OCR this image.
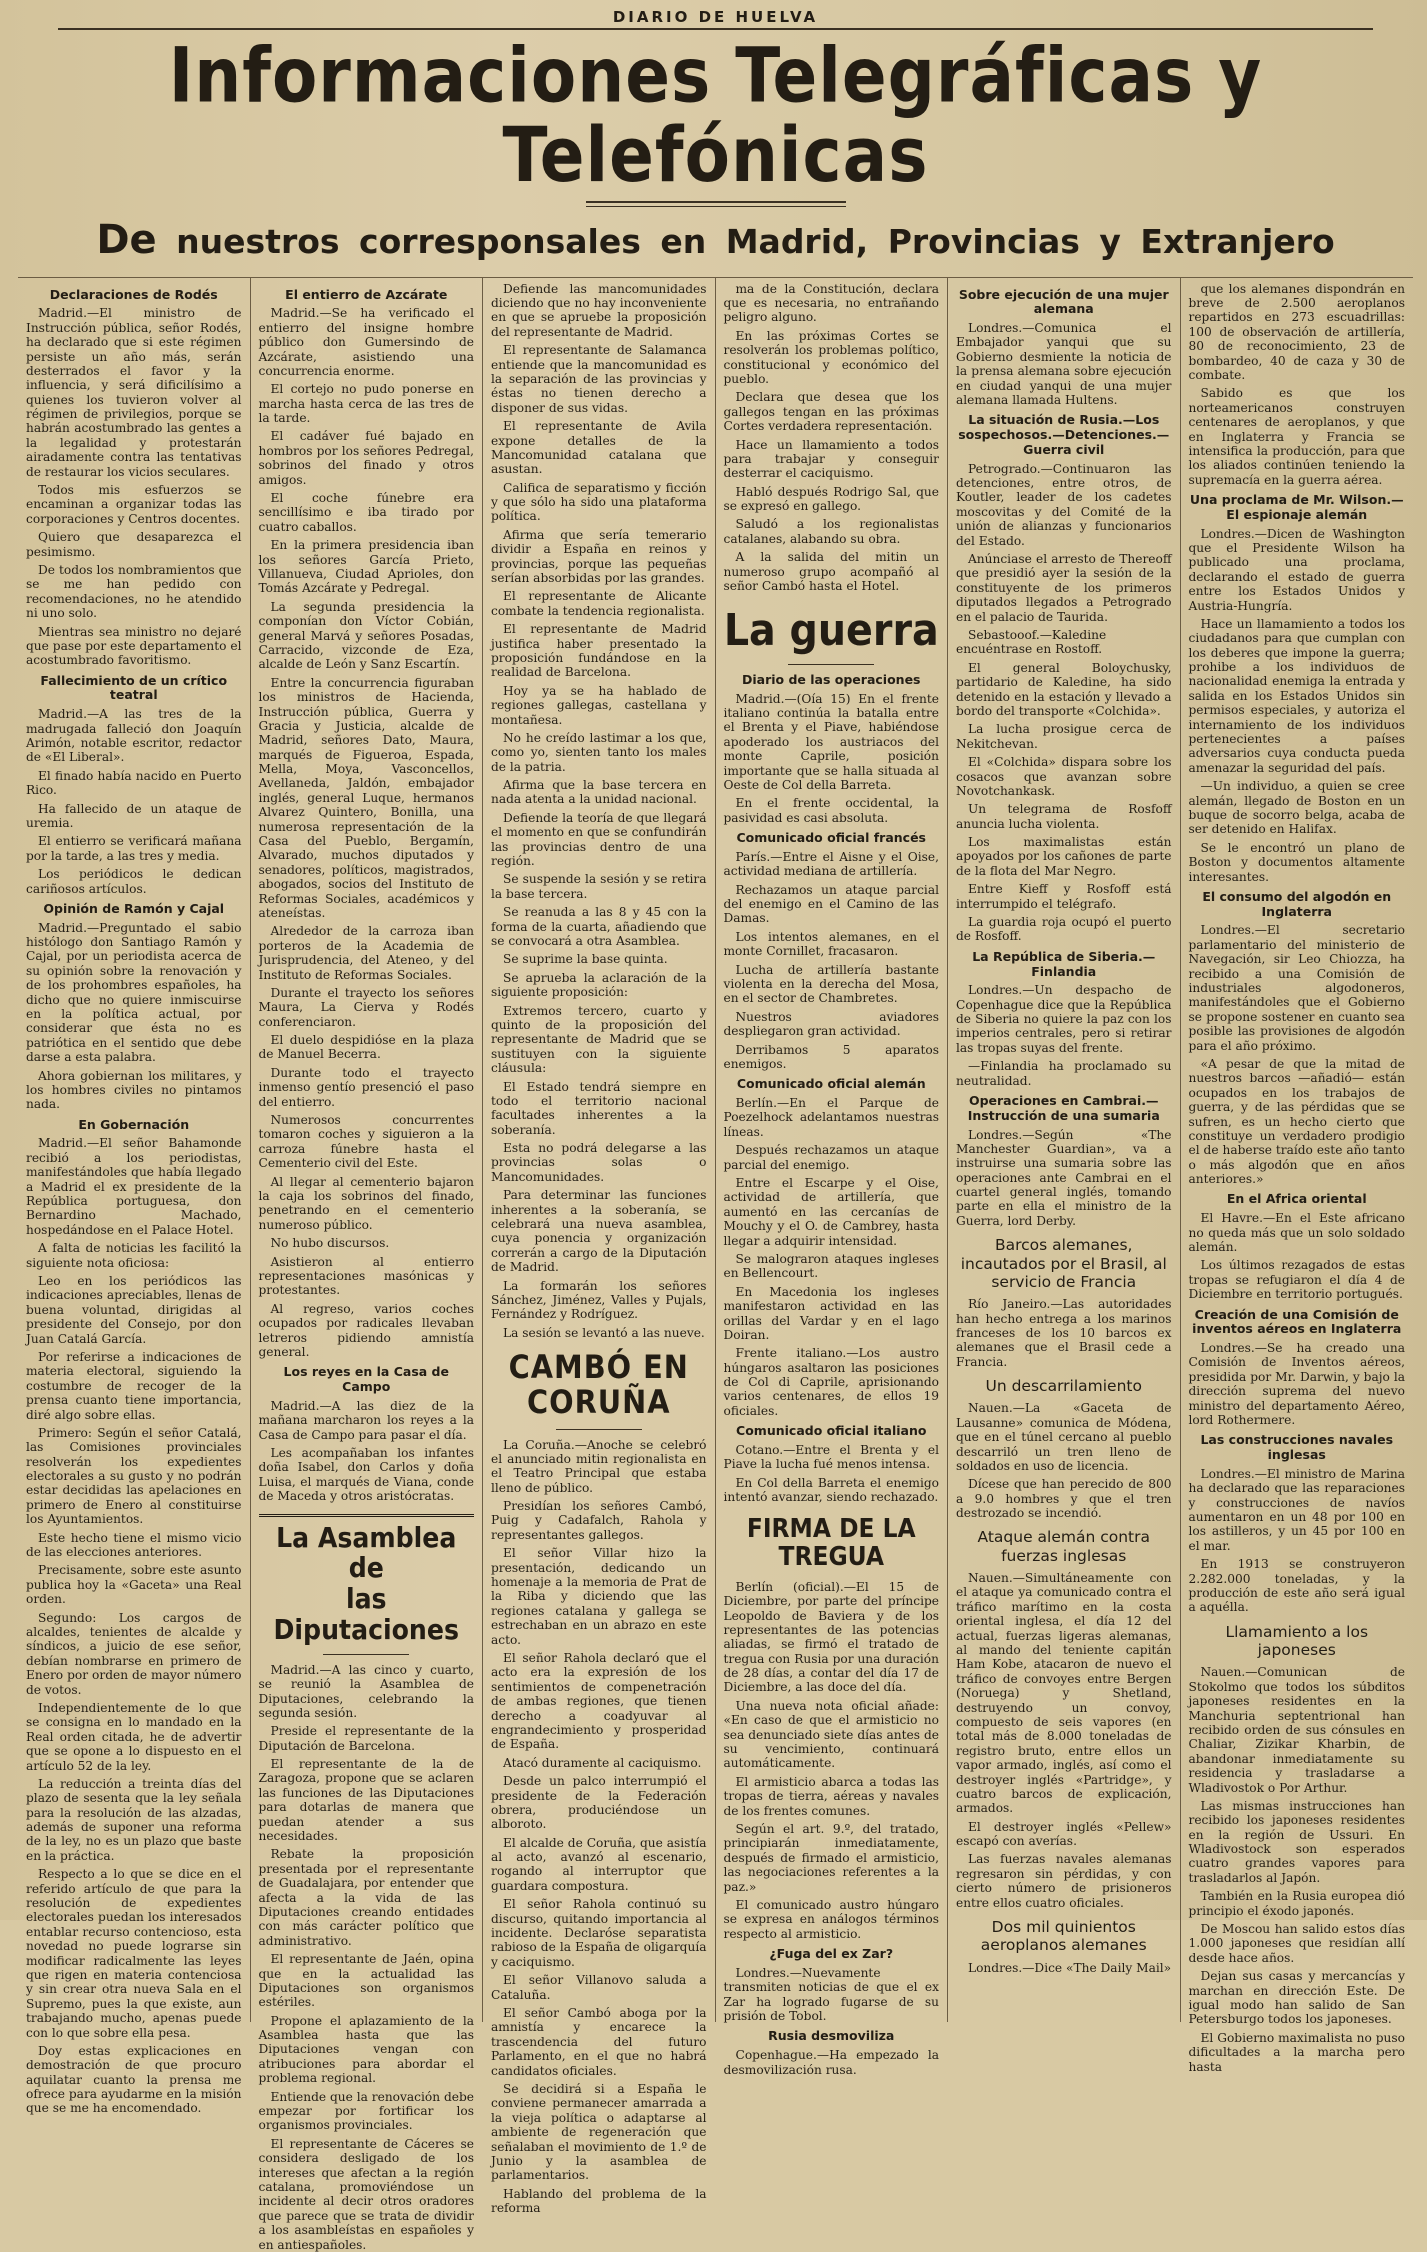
DIARIO DE HUELVA
Informaciones Telegráficas y Telefónicas
De nuestros corresponsales en Madrid, Provincias y Extranjero
Declaraciones de Rodés

Madrid.—El ministro de Instrucción pública, señor Rodés, ha declarado que si este régimen persiste un año más, serán desterrados el favor y la influencia, y será dificilísimo a quienes los tuvieron volver al régimen de privilegios, porque se habrán acostumbrado las gentes a la legalidad y protestarán airadamente contra las tentativas de restaurar los vicios seculares.

Todos mis esfuerzos se encaminan a organizar todas las corporaciones y Centros docentes.

Quiero que desaparezca el pesimismo.

De todos los nombramientos que se me han pedido con recomendaciones, no he atendido ni uno solo.

Mientras sea ministro no dejaré que pase por este departamento el acostumbrado favoritismo.

Fallecimiento de un crítico teatral

Madrid.—A las tres de la madrugada falleció don Joaquín Arimón, notable escritor, redactor de «El Liberal».

El finado había nacido en Puerto Rico.

Ha fallecido de un ataque de uremia.

El entierro se verificará mañana por la tarde, a las tres y media.

Los periódicos le dedican cariñosos artículos.

Opinión de Ramón y Cajal

Madrid.—Preguntado el sabio histólogo don Santiago Ramón y Cajal, por un periodista acerca de su opinión sobre la renovación y de los prohombres españoles, ha dicho que no quiere inmiscuirse en la política actual, por considerar que ésta no es patriótica en el sentido que debe darse a esta palabra.

Ahora gobiernan los militares, y los hombres civiles no pintamos nada.

En Gobernación

Madrid.—El señor Bahamonde recibió a los periodistas, manifestándoles que había llegado a Madrid el ex presidente de la República portuguesa, don Bernardino Machado, hospedándose en el Palace Hotel.

A falta de noticias les facilitó la siguiente nota oficiosa:

Leo en los periódicos las indicaciones apreciables, llenas de buena voluntad, dirigidas al presidente del Consejo, por don Juan Catalá García.

Por referirse a indicaciones de materia electoral, siguiendo la costumbre de recoger de la prensa cuanto tiene importancia, diré algo sobre ellas.

Primero: Según el señor Catalá, las Comisiones provinciales resolverán los expedientes electorales a su gusto y no podrán estar decididas las apelaciones en primero de Enero al constituirse los Ayuntamientos.

Este hecho tiene el mismo vicio de las elecciones anteriores.

Precisamente, sobre este asunto publica hoy la «Gaceta» una Real orden.

Segundo: Los cargos de alcaldes, tenientes de alcalde y síndicos, a juicio de ese señor, debían nombrarse en primero de Enero por orden de mayor número de votos.

Independientemente de lo que se consigna en lo mandado en la Real orden citada, he de advertir que se opone a lo dispuesto en el artículo 52 de la ley.

La reducción a treinta días del plazo de sesenta que la ley señala para la resolución de las alzadas, además de suponer una reforma de la ley, no es un plazo que baste en la práctica.

Respecto a lo que se dice en el referido artículo de que para la resolución de expedientes electorales puedan los interesados entablar recurso contencioso, esta novedad no puede lograrse sin modificar radicalmente las leyes que rigen en materia contenciosa y sin crear otra nueva Sala en el Supremo, pues la que existe, aun trabajando mucho, apenas puede con lo que sobre ella pesa.

Doy estas explicaciones en demostración de que procuro aquilatar cuanto la prensa me ofrece para ayudarme en la misión que se me ha encomendado.

El entierro de Azcárate

Madrid.—Se ha verificado el entierro del insigne hombre público don Gumersindo de Azcárate, asistiendo una concurrencia enorme.

El cortejo no pudo ponerse en marcha hasta cerca de las tres de la tarde.

El cadáver fué bajado en hombros por los señores Pedregal, sobrinos del finado y otros amigos.

El coche fúnebre era sencillísimo e iba tirado por cuatro caballos.

En la primera presidencia iban los señores García Prieto, Villanueva, Ciudad Aprioles, don Tomás Azcárate y Pedregal.

La segunda presidencia la componían don Víctor Cobián, general Marvá y señores Posadas, Carracido, vizconde de Eza, alcalde de León y Sanz Escartín.

Entre la concurrencia figuraban los ministros de Hacienda, Instrucción pública, Guerra y Gracia y Justicia, alcalde de Madrid, señores Dato, Maura, marqués de Figueroa, Espada, Mella, Moya, Vasconcellos, Avellaneda, Jaldón, embajador inglés, general Luque, hermanos Alvarez Quintero, Bonilla, una numerosa representación de la Casa del Pueblo, Bergamín, Alvarado, muchos diputados y senadores, políticos, magistrados, abogados, socios del Instituto de Reformas Sociales, académicos y ateneístas.

Alrededor de la carroza iban porteros de la Academia de Jurisprudencia, del Ateneo, y del Instituto de Reformas Sociales.

Durante el trayecto los señores Maura, La Cierva y Rodés conferenciaron.

El duelo despidióse en la plaza de Manuel Becerra.

Durante todo el trayecto inmenso gentío presenció el paso del entierro.

Numerosos concurrentes tomaron coches y siguieron a la carroza fúnebre hasta el Cementerio civil del Este.

Al llegar al cementerio bajaron la caja los sobrinos del finado, penetrando en el cementerio numeroso público.

No hubo discursos.

Asistieron al entierro representaciones masónicas y protestantes.

Al regreso, varios coches ocupados por radicales llevaban letreros pidiendo amnistía general.

Los reyes en la Casa de Campo

Madrid.—A las diez de la mañana marcharon los reyes a la Casa de Campo para pasar el día.

Les acompañaban los infantes doña Isabel, don Carlos y doña Luisa, el marqués de Viana, conde de Maceda y otros aristócratas.

La Asamblea de
las Diputaciones

Madrid.—A las cinco y cuarto, se reunió la Asamblea de Diputaciones, celebrando la segunda sesión.

Preside el representante de la Diputación de Barcelona.

El representante de la de Zaragoza, propone que se aclaren las funciones de las Diputaciones para dotarlas de manera que puedan atender a sus necesidades.

Rebate la proposición presentada por el representante de Guadalajara, por entender que afecta a la vida de las Diputaciones creando entidades con más carácter político que administrativo.

El representante de Jaén, opina que en la actualidad las Diputaciones son organismos estériles.

Propone el aplazamiento de la Asamblea hasta que las Diputaciones vengan con atribuciones para abordar el problema regional.

Entiende que la renovación debe empezar por fortificar los organismos provinciales.

El representante de Cáceres se considera desligado de los intereses que afectan a la región catalana, promoviéndose un incidente al decir otros oradores que parece que se trata de dividir a los asambleístas en españoles y en antiespañoles.

Defiende las mancomunidades diciendo que no hay inconveniente en que se apruebe la proposición del representante de Madrid.

El representante de Salamanca entiende que la mancomunidad es la separación de las provincias y éstas no tienen derecho a disponer de sus vidas.

El representante de Avila expone detalles de la Mancomunidad catalana que asustan.

Califica de separatismo y ficción y que sólo ha sido una plataforma política.

Afirma que sería temerario dividir a España en reinos y provincias, porque las pequeñas serían absorbidas por las grandes.

El representante de Alicante combate la tendencia regionalista.

El representante de Madrid justifica haber presentado la proposición fundándose en la realidad de Barcelona.

Hoy ya se ha hablado de regiones gallegas, castellana y montañesa.

No he creído lastimar a los que, como yo, sienten tanto los males de la patria.

Afirma que la base tercera en nada atenta a la unidad nacional.

Defiende la teoría de que llegará el momento en que se confundirán las provincias dentro de una región.

Se suspende la sesión y se retira la base tercera.

Se reanuda a las 8 y 45 con la forma de la cuarta, añadiendo que se convocará a otra Asamblea.

Se suprime la base quinta.

Se aprueba la aclaración de la siguiente proposición:

Extremos tercero, cuarto y quinto de la proposición del representante de Madrid que se sustituyen con la siguiente cláusula:

El Estado tendrá siempre en todo el territorio nacional facultades inherentes a la soberanía.

Esta no podrá delegarse a las provincias solas o Mancomunidades.

Para determinar las funciones inherentes a la soberanía, se celebrará una nueva asamblea, cuya ponencia y organización correrán a cargo de la Diputación de Madrid.

La formarán los señores Sánchez, Jiménez, Valles y Pujals, Fernández y Rodríguez.

La sesión se levantó a las nueve.

CAMBÓ EN CORUÑA

La Coruña.—Anoche se celebró el anunciado mitin regionalista en el Teatro Principal que estaba lleno de público.

Presidían los señores Cambó, Puig y Cadafalch, Rahola y representantes gallegos.

El señor Villar hizo la presentación, dedicando un homenaje a la memoria de Prat de la Riba y diciendo que las regiones catalana y gallega se estrechaban en un abrazo en este acto.

El señor Rahola declaró que el acto era la expresión de los sentimientos de compenetración de ambas regiones, que tienen derecho a coadyuvar al engrandecimiento y prosperidad de España.

Atacó duramente al caciquismo.

Desde un palco interrumpió el presidente de la Federación obrera, produciéndose un alboroto.

El alcalde de Coruña, que asistía al acto, avanzó al escenario, rogando al interruptor que guardara compostura.

El señor Rahola continuó su discurso, quitando importancia al incidente. Declaróse separatista rabioso de la España de oligarquía y caciquismo.

El señor Villanovo saluda a Cataluña.

El señor Cambó aboga por la amnistía y encarece la trascendencia del futuro Parlamento, en el que no habrá candidatos oficiales.

Se decidirá si a España le conviene permanecer amarrada a la vieja política o adaptarse al ambiente de regeneración que señalaban el movimiento de 1.º de Junio y la asamblea de parlamentarios.

Hablando del problema de la reforma

ma de la Constitución, declara que es necesaria, no entrañando peligro alguno.

En las próximas Cortes se resolverán los problemas político, constitucional y económico del pueblo.

Declara que desea que los gallegos tengan en las próximas Cortes verdadera representación.

Hace un llamamiento a todos para trabajar y conseguir desterrar el caciquismo.

Habló después Rodrigo Sal, que se expresó en gallego.

Saludó a los regionalistas catalanes, alabando su obra.

A la salida del mitin un numeroso grupo acompañó al señor Cambó hasta el Hotel.

La guerra
Diario de las operaciones

Madrid.—(Oía 15) En el frente italiano continúa la batalla entre el Brenta y el Piave, habiéndose apoderado los austriacos del monte Caprile, posición importante que se halla situada al Oeste de Col della Barreta.

En el frente occidental, la pasividad es casi absoluta.

Comunicado oficial francés

París.—Entre el Aisne y el Oise, actividad mediana de artillería.

Rechazamos un ataque parcial del enemigo en el Camino de las Damas.

Los intentos alemanes, en el monte Cornillet, fracasaron.

Lucha de artillería bastante violenta en la derecha del Mosa, en el sector de Chambretes.

Nuestros aviadores despliegaron gran actividad.

Derribamos 5 aparatos enemigos.

Comunicado oficial alemán

Berlín.—En el Parque de Poezelhock adelantamos nuestras líneas.

Después rechazamos un ataque parcial del enemigo.

Entre el Escarpe y el Oise, actividad de artillería, que aumentó en las cercanías de Mouchy y el O. de Cambrey, hasta llegar a adquirir intensidad.

Se malograron ataques ingleses en Bellencourt.

En Macedonia los ingleses manifestaron actividad en las orillas del Vardar y en el lago Doiran.

Frente italiano.—Los austro húngaros asaltaron las posiciones de Col di Caprile, aprisionando varios centenares, de ellos 19 oficiales.

Comunicado oficial italiano

Cotano.—Entre el Brenta y el Piave la lucha fué menos intensa.

En Col della Barreta el enemigo intentó avanzar, siendo rechazado.

FIRMA DE LA TREGUA

Berlín (oficial).—El 15 de Diciembre, por parte del príncipe Leopoldo de Baviera y de los representantes de las potencias aliadas, se firmó el tratado de tregua con Rusia por una duración de 28 días, a contar del día 17 de Diciembre, a las doce del día.

Una nueva nota oficial añade: «En caso de que el armisticio no sea denunciado siete días antes de su vencimiento, continuará automáticamente.

El armisticio abarca a todas las tropas de tierra, aéreas y navales de los frentes comunes.

Según el art. 9.º, del tratado, principiarán inmediatamente, después de firmado el armisticio, las negociaciones referentes a la paz.»

El comunicado austro húngaro se expresa en análogos términos respecto al armisticio.

¿Fuga del ex Zar?

Londres.—Nuevamente transmiten noticias de que el ex Zar ha logrado fugarse de su prisión de Tobol.

Rusia desmoviliza

Copenhague.—Ha empezado la desmovilización rusa.

Sobre ejecución de una mujer alemana

Londres.—Comunica el Embajador yanqui que su Gobierno desmiente la noticia de la prensa alemana sobre ejecución en ciudad yanqui de una mujer alemana llamada Hultens.

La situación de Rusia.—Los sospechosos.—Detenciones.—Guerra civil

Petrogrado.—Continuaron las detenciones, entre otros, de Koutler, leader de los cadetes moscovitas y del Comité de la unión de alianzas y funcionarios del Estado.

Anúnciase el arresto de Thereoff que presidió ayer la sesión de la constituyente de los primeros diputados llegados a Petrogrado en el palacio de Taurida.

Sebastooof.—Kaledine encuéntrase en Rostoff.

El general Boloychusky, partidario de Kaledine, ha sido detenido en la estación y llevado a bordo del transporte «Colchida».

La lucha prosigue cerca de Nekitchevan.

El «Colchida» dispara sobre los cosacos que avanzan sobre Novotchankask.

Un telegrama de Rosfoff anuncia lucha violenta.

Los maximalistas están apoyados por los cañones de parte de la flota del Mar Negro.

Entre Kieff y Rosfoff está interrumpido el telégrafo.

La guardia roja ocupó el puerto de Rosfoff.

La República de Siberia.—Finlandia

Londres.—Un despacho de Copenhague dice que la República de Siberia no quiere la paz con los imperios centrales, pero si retirar las tropas suyas del frente.

—Finlandia ha proclamado su neutralidad.

Operaciones en Cambrai.—Instrucción de una sumaria

Londres.—Según «The Manchester Guardian», va a instruirse una sumaria sobre las operaciones ante Cambrai en el cuartel general inglés, tomando parte en ella el ministro de la Guerra, lord Derby.

Barcos alemanes, incautados por el Brasil, al servicio de Francia

Río Janeiro.—Las autoridades han hecho entrega a los marinos franceses de los 10 barcos ex alemanes que el Brasil cede a Francia.

Un descarrilamiento

Nauen.—La «Gaceta de Lausanne» comunica de Módena, que en el túnel cercano al pueblo descarriló un tren lleno de soldados en uso de licencia.

Dícese que han perecido de 800 a 9.0 hombres y que el tren destrozado se incendió.

Ataque alemán contra fuerzas inglesas

Nauen.—Simultáneamente con el ataque ya comunicado contra el tráfico marítimo en la costa oriental inglesa, el día 12 del actual, fuerzas ligeras alemanas, al mando del teniente capitán Ham Kobe, atacaron de nuevo el tráfico de convoyes entre Bergen (Noruega) y Shetland, destruyendo un convoy, compuesto de seis vapores (en total más de 8.000 toneladas de registro bruto, entre ellos un vapor armado, inglés, así como el destroyer inglés «Partridge», y cuatro barcos de explicación, armados.

El destroyer inglés «Pellew» escapó con averías.

Las fuerzas navales alemanas regresaron sin pérdidas, y con cierto número de prisioneros entre ellos cuatro oficiales.

Dos mil quinientos aeroplanos alemanes

Londres.—Dice «The Daily Mail»

que los alemanes dispondrán en breve de 2.500 aeroplanos repartidos en 273 escuadrillas: 100 de observación de artillería, 80 de reconocimiento, 23 de bombardeo, 40 de caza y 30 de combate.

Sabido es que los norteamericanos construyen centenares de aeroplanos, y que en Inglaterra y Francia se intensifica la producción, para que los aliados continúen teniendo la supremacía en la guerra aérea.

Una proclama de Mr. Wilson.—El espionaje alemán

Londres.—Dicen de Washington que el Presidente Wilson ha publicado una proclama, declarando el estado de guerra entre los Estados Unidos y Austria-Hungría.

Hace un llamamiento a todos los ciudadanos para que cumplan con los deberes que impone la guerra; prohibe a los individuos de nacionalidad enemiga la entrada y salida en los Estados Unidos sin permisos especiales, y autoriza el internamiento de los individuos pertenecientes a países adversarios cuya conducta pueda amenazar la seguridad del país.

—Un individuo, a quien se cree alemán, llegado de Boston en un buque de socorro belga, acaba de ser detenido en Halifax.

Se le encontró un plano de Boston y documentos altamente interesantes.

El consumo del algodón en Inglaterra

Londres.—El secretario parlamentario del ministerio de Navegación, sir Leo Chiozza, ha recibido a una Comisión de industriales algodoneros, manifestándoles que el Gobierno se propone sostener en cuanto sea posible las provisiones de algodón para el año próximo.

«A pesar de que la mitad de nuestros barcos —añadió— están ocupados en los trabajos de guerra, y de las pérdidas que se sufren, es un hecho cierto que constituye un verdadero prodigio el de haberse traído este año tanto o más algodón que en años anteriores.»

En el Africa oriental

El Havre.—En el Este africano no queda más que un solo soldado alemán.

Los últimos rezagados de estas tropas se refugiaron el día 4 de Diciembre en territorio portugués.

Creación de una Comisión de inventos aéreos en Inglaterra

Londres.—Se ha creado una Comisión de Inventos aéreos, presidida por Mr. Darwin, y bajo la dirección suprema del nuevo ministro del departamento Aéreo, lord Rothermere.

Las construcciones navales inglesas

Londres.—El ministro de Marina ha declarado que las reparaciones y construcciones de navíos aumentaron en un 48 por 100 en los astilleros, y un 45 por 100 en el mar.

En 1913 se construyeron 2.282.000 toneladas, y la producción de este año será igual a aquélla.

Llamamiento a los japoneses

Nauen.—Comunican de Stokolmo que todos los súbditos japoneses residentes en la Manchuria septentrional han recibido orden de sus cónsules en Chaliar, Zizikar Kharbin, de abandonar inmediatamente su residencia y trasladarse a Wladivostok o Por Arthur.

Las mismas instrucciones han recibido los japoneses residentes en la región de Ussuri. En Wladivostock son esperados cuatro grandes vapores para trasladarlos al Japón.

También en la Rusia europea dió principio el éxodo japonés.

De Moscou han salido estos días 1.000 japoneses que residían allí desde hace años.

Dejan sus casas y mercancías y marchan en dirección Este. De igual modo han salido de San Petersburgo todos los japoneses.

El Gobierno maximalista no puso dificultades a la marcha pero hasta
